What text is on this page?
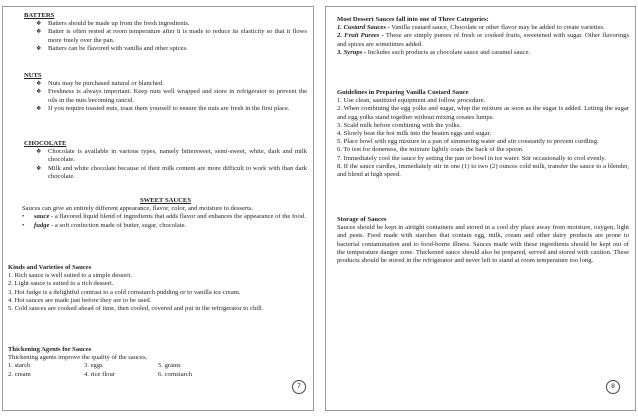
BATTERS
❖ Batters should be made up from the fresh ingredients.
❖ Batter is often rested at room temperature after it is made to reduce its elasticity so that it flows more freely over the pan.
❖ Batters can be flavored with vanilla and other spices.
NUTS
❖ Nuts may be purchased natural or blanched.
❖ Freshness is always important. Keep nuts well wrapped and store in refrigerator to prevent the oils in the nuts becoming rancid.
❖ If you require toasted nuts, toast them yourself to ensure the nuts are fresh in the first place.
CHOCOLATE
❖ Chocolate is available in various types, namely bittersweet, semi-sweet, white, dark and milk chocolate.
❖ Milk and white chocolate because of their milk content are more difficult to work with than dark chocolate.
SWEET SAUCES

Sauces can give an entirely different appearance, flavor, color, and moisture to desserts.

• sauce - a flavored liquid blend of ingredients that adds flavor and enhances the appearance of the food.
• fudge - a soft confection made of butter, sugar, chocolate.
Kinds and Varieties of Sauces

1. Rich sauce is well suited to a simple dessert.

2. Light sauce is suited to a rich dessert.

3. Hot fudge is a delightful contrast to a cold cornstarch pudding or to vanilla ice cream.

4. Hot sauces are made just before they are to be used.

5. Cold sauces are cooked ahead of time, then cooled, covered and put in the refrigerator to chill.

Thickening Agents for Sauces

Thickening agents improve the quality of the sauces.

1. starch	3. eggs	5. grains
2. cream	4. rice flour	6. cornstarch
7
Most Dessert Sauces fall into one of Three Categories:

1. Custard Sauces - Vanilla custard sauce, Chocolate or other flavor may be added to create varieties.

2. Fruit Purees - These are simply purees of fresh or cooked fruits, sweetened with sugar. Other flavorings and spices are sometimes added.

3. Syrups - Includes such products as chocolate sauce and caramel sauce.

Guidelines in Preparing Vanilla Custard Sauce

1. Use clean, sanitized equipment and follow procedure.

2. When combining the egg yolks and sugar, whip the mixture as soon as the sugar is added. Letting the sugar and egg yolks stand together without mixing creates lumps.

3. Scald milk before combining with the yolks.

4. Slowly beat the hot milk into the beaten eggs and sugar.

5. Place bowl with egg mixture in a pan of simmering water and stir constantly to prevent curdling.

6. To test for doneness, the mixture lightly coats the back of the spoon.

7. Immediately cool the sauce by setting the pan or bowl in ice water. Stir occasionally to cool evenly.

8. If the sauce curdles, immediately stir in one (1) to two (2) ounces cold milk, transfer the sauce to a blender, and blend at high speed.

Storage of Sauces

Sauces should be kept in airtight containers and stored in a cool dry place away from moisture, oxygen, light and pests. Food made with starches that contain egg, milk, cream and other dairy products are prone to bacterial contamination and to food-borne illness. Sauces made with these ingredients should be kept out of the temperature danger zone. Thickened sauce should also be prepared, served and stored with caution. These products should be stored in the refrigerator and never left to stand at room temperature too long.

8
